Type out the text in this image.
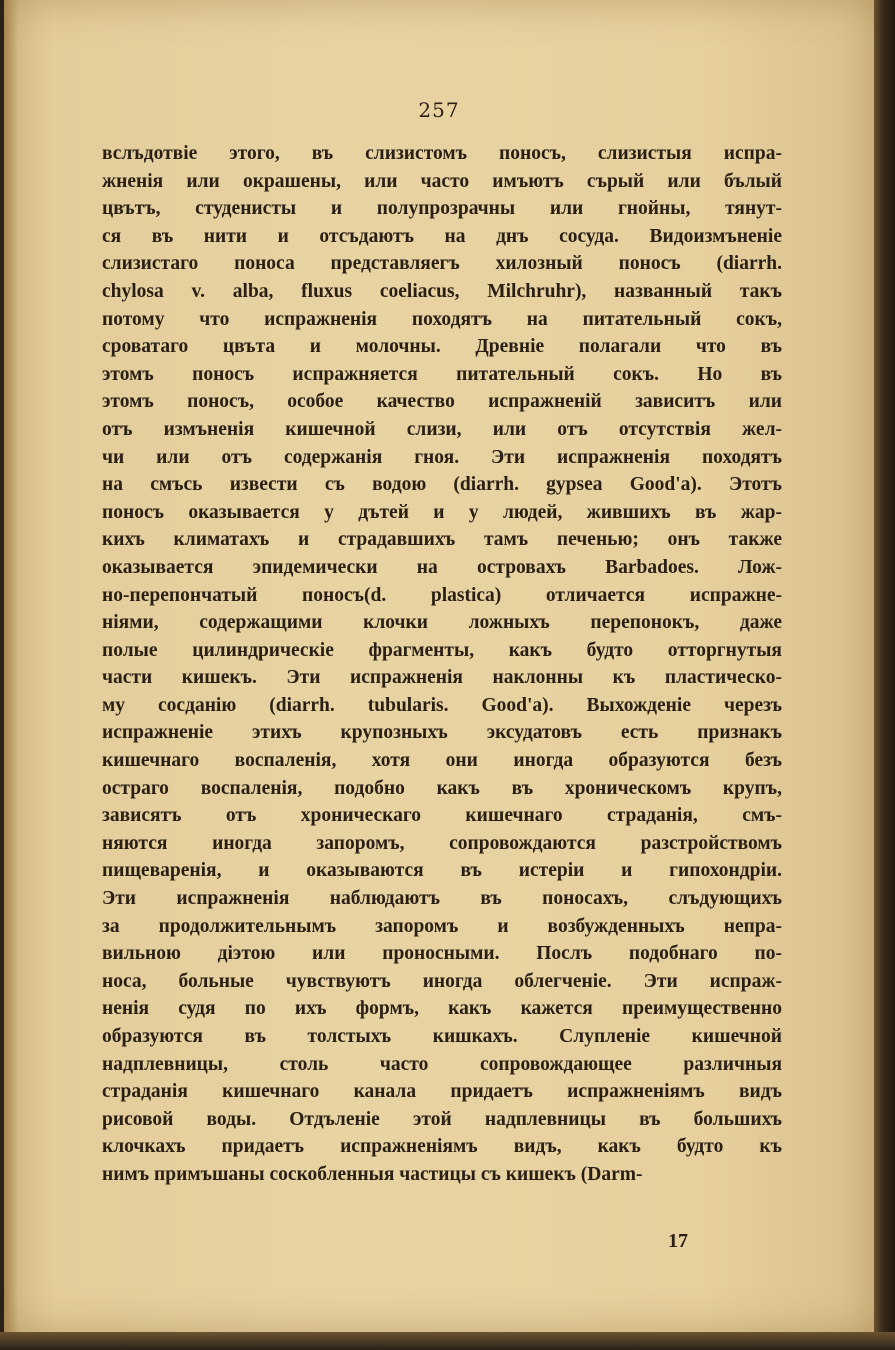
257
вслъдотвіе этого, въ слизистомъ поносъ, слизистыя испра-
жненія или окрашены, или часто имъютъ сърый или бълый
цвътъ, студенисты и полупрозрачны или гнойны, тянут-
ся въ нити и отсъдаютъ на днъ сосуда. Видоизмъненіе
слизистаго поноса представляегъ хилозный поносъ (diarrh.
chylosa v. alba, fluxus coeliacus, Milchruhr), названный такъ
потому что испражненія походятъ на питательный сокъ,
сроватаго цвъта и молочны. Древніе полагали что въ
этомъ поносъ испражняется питательный сокъ. Но въ
этомъ поносъ, особое качество испражненій зависитъ или
отъ измъненія кишечной слизи, или отъ отсутствія жел-
чи или отъ содержанія гноя. Эти испражненія походятъ
на смъсь извести съ водою (diarrh. gypsea Good'a). Этотъ
поносъ оказывается у дътей и у людей, жившихъ въ жар-
кихъ климатахъ и страдавшихъ тамъ печенью; онъ также
оказывается эпидемически на островахъ Barbadoes. Лож-
но-перепончатый поносъ(d. plastica) отличается испражне-
ніями, содержащими клочки ложныхъ перепонокъ, даже
полые цилиндрическіе фрагменты, какъ будто отторгнутыя
части кишекъ. Эти испражненія наклонны къ пластическо-
му сосданію (diarrh. tubularis. Good'a). Выхожденіе черезъ
испражненіе этихъ крупозныхъ эксудатовъ есть признакъ
кишечнаго воспаленія, хотя они иногда образуются безъ
остраго воспаленія, подобно какъ въ хроническомъ крупъ,
зависятъ отъ хроническаго кишечнаго страданія, смъ-
няются иногда запоромъ, сопровождаются разстройствомъ
пищеваренія, и оказываются въ истеріи и гипохондріи.
Эти испражненія наблюдаютъ въ поносахъ, слъдующихъ
за продолжительнымъ запоромъ и возбужденныхъ непра-
вильною діэтою или проносными. Послъ подобнаго по-
носа, больные чувствуютъ иногда облегченіе. Эти испраж-
ненія судя по ихъ формъ, какъ кажется преимущественно
образуются въ толстыхъ кишкахъ. Слупленіе кишечной
надплевницы, столь часто сопровождающее различныя
страданія кишечнаго канала придаетъ испражненіямъ видъ
рисовой воды. Отдъленіе этой надплевницы въ большихъ
клочкахъ придаетъ испражненіямъ видъ, какъ будто къ
нимъ примъшаны соскобленныя частицы съ кишекъ (Darm-
17
